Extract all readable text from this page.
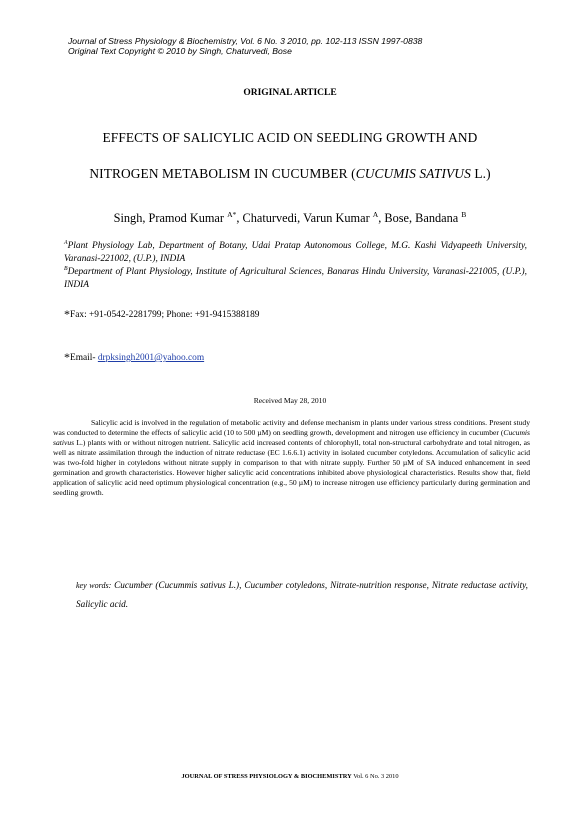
Journal of Stress Physiology & Biochemistry, Vol. 6 No. 3 2010, pp. 102-113 ISSN 1997-0838
Original Text Copyright © 2010 by Singh, Chaturvedi, Bose
ORIGINAL ARTICLE
EFFECTS OF SALICYLIC ACID ON SEEDLING GROWTH AND
NITROGEN METABOLISM IN CUCUMBER (CUCUMIS SATIVUS L.)
Singh, Pramod Kumar $^{A*}$, Chaturvedi, Varun Kumar $^A$, Bose, Bandana $^B$
$^A$Plant Physiology Lab, Department of Botany, Udai Pratap Autonomous College, M.G. Kashi Vidyapeeth University, Varanasi-221002, (U.P.), INDIA
$^B$Department of Plant Physiology, Institute of Agricultural Sciences, Banaras Hindu University, Varanasi-221005, (U.P.), INDIA
*Fax: +91-0542-2281799; Phone: +91-9415388189
*Email- drpksingh2001@yahoo.com
Received May 28, 2010

Salicylic acid is involved in the regulation of metabolic activity and defense mechanism in plants under various stress conditions. Present study was conducted to determine the effects of salicylic acid (10 to 500 µM) on seedling growth, development and nitrogen use efficiency in cucumber (Cucumis sativus L.) plants with or without nitrogen nutrient. Salicylic acid increased contents of chlorophyll, total non-structural carbohydrate and total nitrogen, as well as nitrate assimilation through the induction of nitrate reductase (EC 1.6.6.1) activity in isolated cucumber cotyledons. Accumulation of salicylic acid was two-fold higher in cotyledons without nitrate supply in comparison to that with nitrate supply. Further 50 µM of SA induced enhancement in seed germination and growth characteristics. However higher salicylic acid concentrations inhibited above physiological characteristics. Results show that, field application of salicylic acid need optimum physiological concentration (e.g., 50 µM) to increase nitrogen use efficiency particularly during germination and seedling growth.

key words: Cucumber (Cucummis sativus L.), Cucumber cotyledons, Nitrate-nutrition response, Nitrate reductase activity, Salicylic acid.

JOURNAL OF STRESS PHYSIOLOGY & BIOCHEMISTRY Vol. 6 No. 3 2010
